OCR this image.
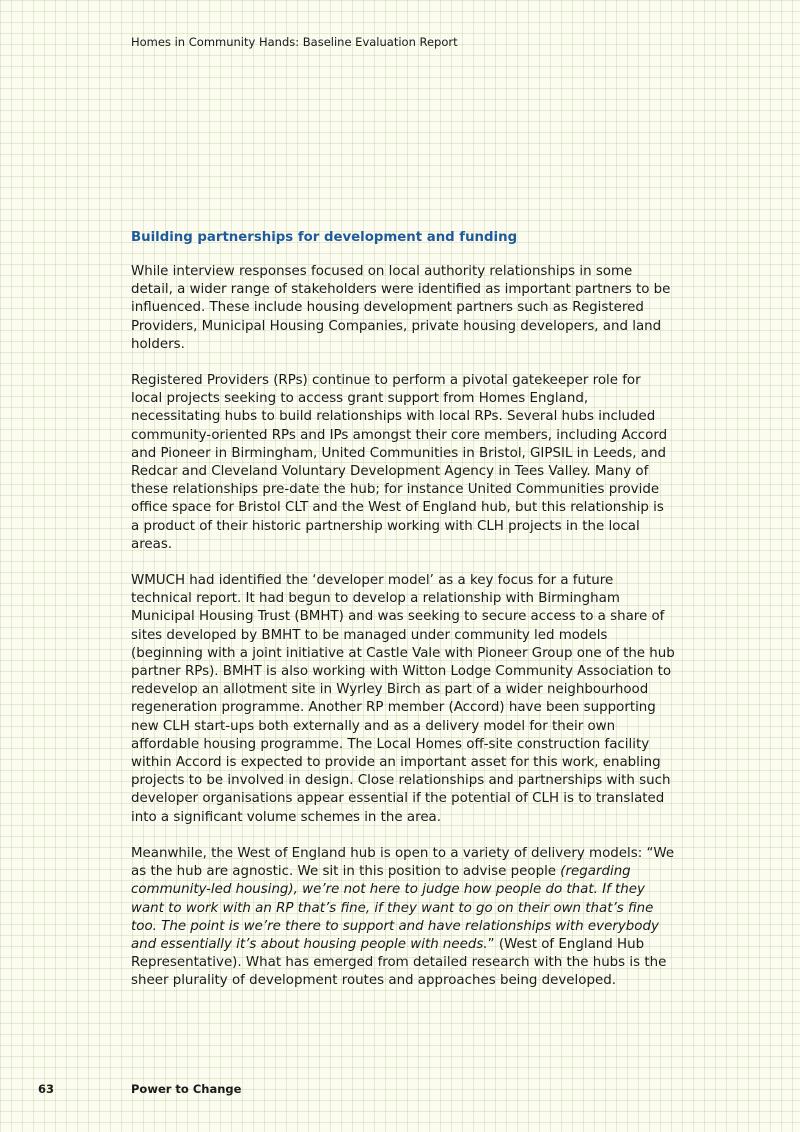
Homes in Community Hands: Baseline Evaluation Report
Building partnerships for development and funding

While interview responses focused on local authority relationships in some detail, a wider range of stakeholders were identified as important partners to be influenced. These include housing development partners such as Registered Providers, Municipal Housing Companies, private housing developers, and land holders.

Registered Providers (RPs) continue to perform a pivotal gatekeeper role for local projects seeking to access grant support from Homes England, necessitating hubs to build relationships with local RPs. Several hubs included community-oriented RPs and IPs amongst their core members, including Accord and Pioneer in Birmingham, United Communities in Bristol, GIPSIL in Leeds, and Redcar and Cleveland Voluntary Development Agency in Tees Valley. Many of these relationships pre-date the hub; for instance United Communities provide office space for Bristol CLT and the West of England hub, but this relationship is a product of their historic partnership working with CLH projects in the local areas.

WMUCH had identified the ‘developer model’ as a key focus for a future technical report. It had begun to develop a relationship with Birmingham Municipal Housing Trust (BMHT) and was seeking to secure access to a share of sites developed by BMHT to be managed under community led models (beginning with a joint initiative at Castle Vale with Pioneer Group one of the hub partner RPs). BMHT is also working with Witton Lodge Community Association to redevelop an allotment site in Wyrley Birch as part of a wider neighbourhood regeneration programme. Another RP member (Accord) have been supporting new CLH start-ups both externally and as a delivery model for their own affordable housing programme. The Local Homes off-site construction facility within Accord is expected to provide an important asset for this work, enabling projects to be involved in design. Close relationships and partnerships with such developer organisations appear essential if the potential of CLH is to translated into a significant volume schemes in the area.

Meanwhile, the West of England hub is open to a variety of delivery models: “We as the hub are agnostic. We sit in this position to advise people (regarding community-led housing), we’re not here to judge how people do that. If they want to work with an RP that’s fine, if they want to go on their own that’s fine too. The point is we’re there to support and have relationships with everybody and essentially it’s about housing people with needs.” (West of England Hub Representative). What has emerged from detailed research with the hubs is the sheer plurality of development routes and approaches being developed.

63	Power to Change
